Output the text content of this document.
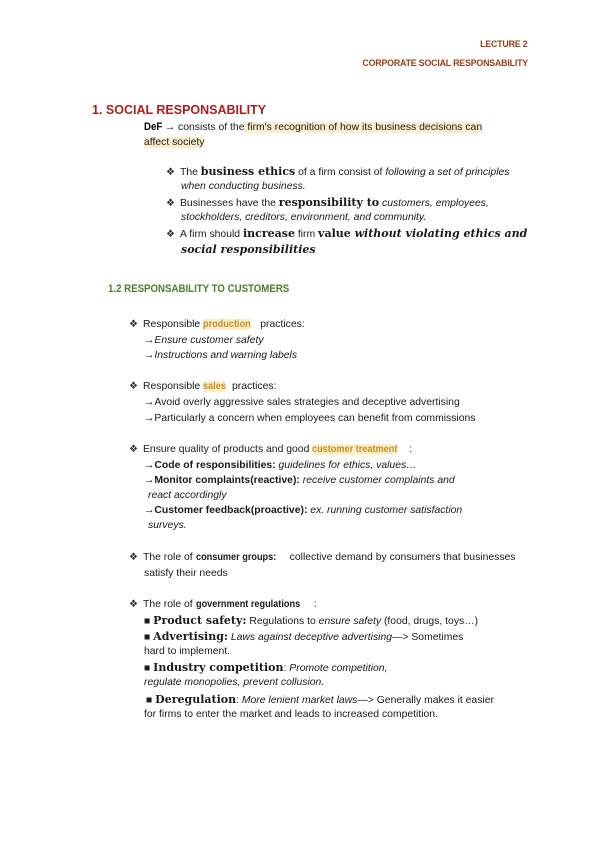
LECTURE 2
CORPORATE SOCIAL RESPONSABILITY
1. SOCIAL RESPONSABILITY
DeF → consists of the firm's recognition of how its business decisions can
affect society
❖ The business ethics of a firm consist of following a set of principles
when conducting business.
❖ Businesses have the responsibility to customers, employees,
stockholders, creditors, environment, and community.
❖ A firm should increase firm value without violating ethics and
social responsibilities
1.2 RESPONSABILITY TO CUSTOMERS
❖ Responsible production practices:
→Ensure customer safety
→Instructions and warning labels
❖ Responsible sales practices:
→Avoid overly aggressive sales strategies and deceptive advertising
→Particularly a concern when employees can benefit from commissions
❖ Ensure quality of products and good customer treatment :
→Code of responsibilities: guidelines for ethics, values…
→Monitor complaints(reactive): receive customer complaints and
react accordingly
→Customer feedback(proactive): ex. running customer satisfaction
surveys.
❖ The role of consumer groups: collective demand by consumers that businesses
satisfy their needs
❖ The role of government regulations :
■ Product safety: Regulations to ensure safety (food, drugs, toys…)
■ Advertising: Laws against deceptive advertising—> Sometimes
hard to implement.
■ Industry competition: Promote competition,
regulate monopolies, prevent collusion.
■ Deregulation: More lenient market laws—> Generally makes it easier
for firms to enter the market and leads to increased competition.
